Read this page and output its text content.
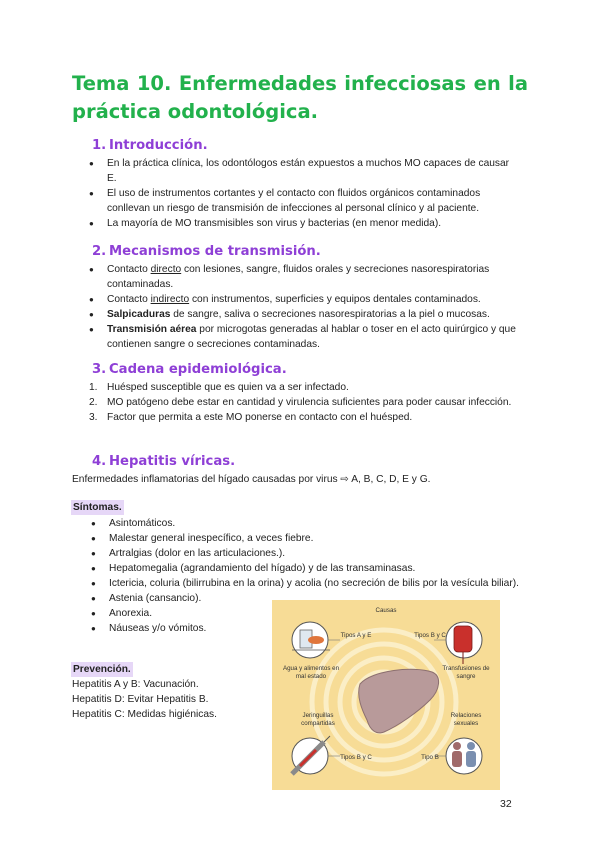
Tema 10. Enfermedades infecciosas en la práctica odontológica.
1. Introducción.
● En la práctica clínica, los odontólogos están expuestos a muchos MO capaces de causar E.
● El uso de instrumentos cortantes y el contacto con fluidos orgánicos contaminados conllevan un riesgo de transmisión de infecciones al personal clínico y al paciente.
● La mayoría de MO transmisibles son virus y bacterias (en menor medida).
2. Mecanismos de transmisión.
● Contacto directo con lesiones, sangre, fluidos orales y secreciones nasorespiratorias contaminadas.
● Contacto indirecto con instrumentos, superficies y equipos dentales contaminados.
● Salpicaduras de sangre, saliva o secreciones nasorespiratorias a la piel o mucosas.
● Transmisión aérea por microgotas generadas al hablar o toser en el acto quirúrgico y que contienen sangre o secreciones contaminadas.
3. Cadena epidemiológica.
1. Huésped susceptible que es quien va a ser infectado.
2. MO patógeno debe estar en cantidad y virulencia suficientes para poder causar infección.
3. Factor que permita a este MO ponerse en contacto con el huésped.
4. Hepatitis víricas.
Enfermedades inflamatorias del hígado causadas por virus ⇨ A, B, C, D, E y G.
Síntomas.
● Asintomáticos.
● Malestar general inespecífico, a veces fiebre.
● Artralgias (dolor en las articulaciones.).
● Hepatomegalia (agrandamiento del hígado) y de las transaminasas.
● Ictericia, coluria (bilirrubina en la orina) y acolia (no secreción de bilis por la vesícula biliar).
● Astenia (cansancio).
● Anorexia.
● Náuseas y/o vómitos.
Prevención.
Hepatitis A y B: Vacunación.
Hepatitis D: Evitar Hepatitis B.
Hepatitis C: Medidas higiénicas.
Causas
Tipos A y E	Tipos B y C
Agua y alimentos en mal estado
Transfusiones de sangre
Jeringuillas compartidas
Relaciones sexuales
Tipos B y C	Tipo B
32
